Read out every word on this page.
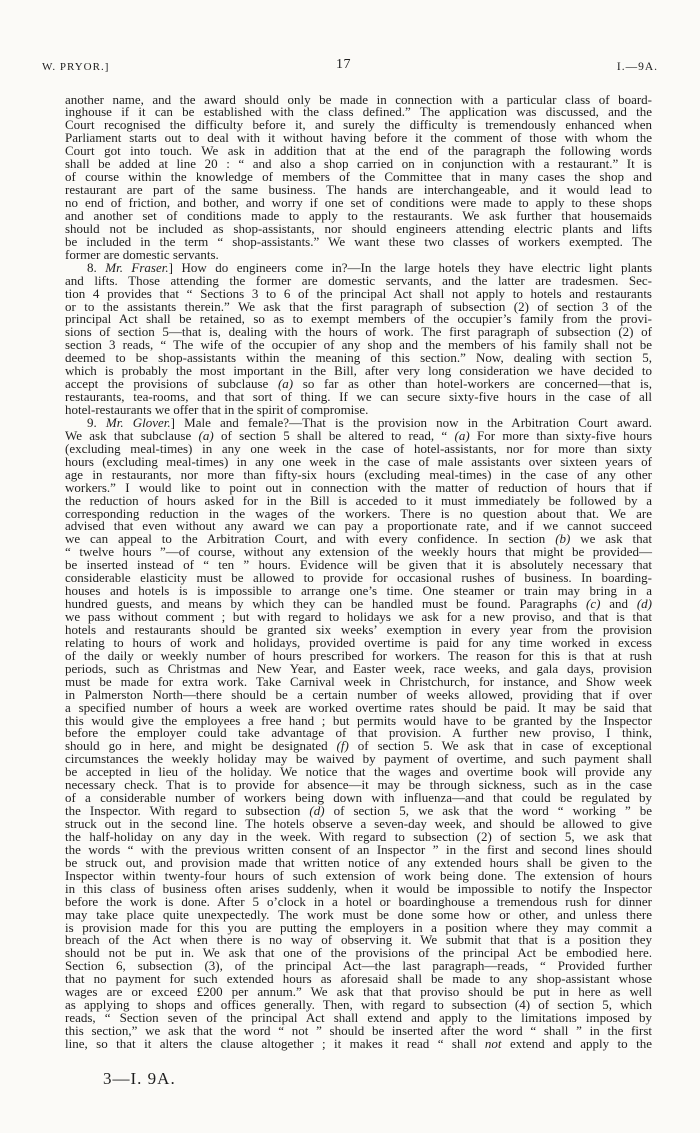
W. PRYOR.]	17	I.—9A.
another name, and the award should only be made in connection with a particular class of board-
inghouse if it can be established with the class defined.” The application was discussed, and the
Court recognised the difficulty before it, and surely the difficulty is tremendously enhanced when
Parliament starts out to deal with it without having before it the comment of those with whom the
Court got into touch. We ask in addition that at the end of the paragraph the following words
shall be added at line 20 : “ and also a shop carried on in conjunction with a restaurant.” It is
of course within the knowledge of members of the Committee that in many cases the shop and
restaurant are part of the same business. The hands are interchangeable, and it would lead to
no end of friction, and bother, and worry if one set of conditions were made to apply to these shops
and another set of conditions made to apply to the restaurants. We ask further that housemaids
should not be included as shop-assistants, nor should engineers attending electric plants and lifts
be included in the term “ shop-assistants.” We want these two classes of workers exempted. The
former are domestic servants.
8. Mr. Fraser.] How do engineers come in?—In the large hotels they have electric light plants
and lifts. Those attending the former are domestic servants, and the latter are tradesmen. Sec-
tion 4 provides that “ Sections 3 to 6 of the principal Act shall not apply to hotels and restaurants
or to the assistants therein.” We ask that the first paragraph of subsection (2) of section 3 of the
principal Act shall be retained, so as to exempt members of the occupier’s family from the provi-
sions of section 5—that is, dealing with the hours of work. The first paragraph of subsection (2) of
section 3 reads, “ The wife of the occupier of any shop and the members of his family shall not be
deemed to be shop-assistants within the meaning of this section.” Now, dealing with section 5,
which is probably the most important in the Bill, after very long consideration we have decided to
accept the provisions of subclause (a) so far as other than hotel-workers are concerned—that is,
restaurants, tea-rooms, and that sort of thing. If we can secure sixty-five hours in the case of all
hotel-restaurants we offer that in the spirit of compromise.
9. Mr. Glover.] Male and female?—That is the provision now in the Arbitration Court award.
We ask that subclause (a) of section 5 shall be altered to read, “ (a) For more than sixty-five hours
(excluding meal-times) in any one week in the case of hotel-assistants, nor for more than sixty
hours (excluding meal-times) in any one week in the case of male assistants over sixteen years of
age in restaurants, nor more than fifty-six hours (excluding meal-times) in the case of any other
workers.” I would like to point out in connection with the matter of reduction of hours that if
the reduction of hours asked for in the Bill is acceded to it must immediately be followed by a
corresponding reduction in the wages of the workers. There is no question about that. We are
advised that even without any award we can pay a proportionate rate, and if we cannot succeed
we can appeal to the Arbitration Court, and with every confidence. In section (b) we ask that
“ twelve hours ”—of course, without any extension of the weekly hours that might be provided—
be inserted instead of “ ten ” hours. Evidence will be given that it is absolutely necessary that
considerable elasticity must be allowed to provide for occasional rushes of business. In boarding-
houses and hotels is is impossible to arrange one’s time. One steamer or train may bring in a
hundred guests, and means by which they can be handled must be found. Paragraphs (c) and (d)
we pass without comment ; but with regard to holidays we ask for a new proviso, and that is that
hotels and restaurants should be granted six weeks’ exemption in every year from the provision
relating to hours of work and holidays, provided overtime is paid for any time worked in excess
of the daily or weekly number of hours prescribed for workers. The reason for this is that at rush
periods, such as Christmas and New Year, and Easter week, race weeks, and gala days, provision
must be made for extra work. Take Carnival week in Christchurch, for instance, and Show week
in Palmerston North—there should be a certain number of weeks allowed, providing that if over
a specified number of hours a week are worked overtime rates should be paid. It may be said that
this would give the employees a free hand ; but permits would have to be granted by the Inspector
before the employer could take advantage of that provision. A further new proviso, I think,
should go in here, and might be designated (f) of section 5. We ask that in case of exceptional
circumstances the weekly holiday may be waived by payment of overtime, and such payment shall
be accepted in lieu of the holiday. We notice that the wages and overtime book will provide any
necessary check. That is to provide for absence—it may be through sickness, such as in the case
of a considerable number of workers being down with influenza—and that could be regulated by
the Inspector. With regard to subsection (d) of section 5, we ask that the word “ working ” be
struck out in the second line. The hotels observe a seven-day week, and should be allowed to give
the half-holiday on any day in the week. With regard to subsection (2) of section 5, we ask that
the words “ with the previous written consent of an Inspector ” in the first and second lines should
be struck out, and provision made that written notice of any extended hours shall be given to the
Inspector within twenty-four hours of such extension of work being done. The extension of hours
in this class of business often arises suddenly, when it would be impossible to notify the Inspector
before the work is done. After 5 o’clock in a hotel or boardinghouse a tremendous rush for dinner
may take place quite unexpectedly. The work must be done some how or other, and unless there
is provision made for this you are putting the employers in a position where they may commit a
breach of the Act when there is no way of observing it. We submit that that is a position they
should not be put in. We ask that one of the provisions of the principal Act be embodied here.
Section 6, subsection (3), of the principal Act—the last paragraph—reads, “ Provided further
that no payment for such extended hours as aforesaid shall be made to any shop-assistant whose
wages are or exceed £200 per annum.” We ask that that proviso should be put in here as well
as applying to shops and offices generally. Then, with regard to subsection (4) of section 5, which
reads, “ Section seven of the principal Act shall extend and apply to the limitations imposed by
this section,” we ask that the word “ not ” should be inserted after the word “ shall ” in the first
line, so that it alters the clause altogether ; it makes it read “ shall not extend and apply to the
3—I. 9A.
